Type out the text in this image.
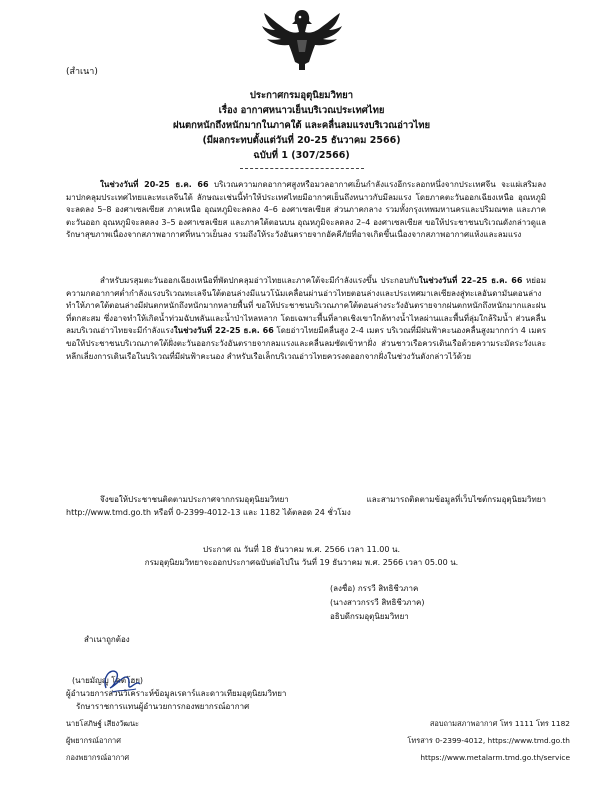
(สำเนา)
ประกาศกรมอุตุนิยมวิทยา
เรื่อง อากาศหนาวเย็นบริเวณประเทศไทย
ฝนตกหนักถึงหนักมากในภาคใต้ และคลื่นลมแรงบริเวณอ่าวไทย
(มีผลกระทบตั้งแต่วันที่ 20-25 ธันวาคม 2566)
ฉบับที่ 1 (307/2566)
ในช่วงวันที่ 20-25 ธ.ค. 66 บริเวณความกดอากาศสูงหรือมวลอากาศเย็นกำลังแรงอีกระลอกหนึ่งจากประเทศจีน จะแผ่เสริมลงมาปกคลุมประเทศไทยและทะเลจีนใต้ ลักษณะเช่นนี้ทำให้ประเทศไทยมีอากาศเย็นถึงหนาวกับมีลมแรง โดยภาคตะวันออกเฉียงเหนือ อุณหภูมิจะลดลง 5–8 องศาเซลเซียส ภาคเหนือ อุณหภูมิจะลดลง 4–6 องศาเซลเซียส ส่วนภาคกลาง รวมทั้งกรุงเทพมหานครและปริมณฑล และภาคตะวันออก อุณหภูมิจะลดลง 3–5 องศาเซลเซียส และภาคใต้ตอนบน อุณหภูมิจะลดลง 2–4 องศาเซลเซียส ขอให้ประชาชนบริเวณดังกล่าวดูแลรักษาสุขภาพเนื่องจากสภาพอากาศที่หนาวเย็นลง รวมถึงให้ระวังอันตรายจากอัคคีภัยที่อาจเกิดขึ้นเนื่องจากสภาพอากาศแห้งและลมแรง
สำหรับมรสุมตะวันออกเฉียงเหนือที่พัดปกคลุมอ่าวไทยและภาคใต้จะมีกำลังแรงขึ้น ประกอบกับในช่วงวันที่ 22–25 ธ.ค. 66 หย่อมความกดอากาศต่ำกำลังแรงบริเวณทะเลจีนใต้ตอนล่างมีแนวโน้มเคลื่อนผ่านอ่าวไทยตอนล่างและประเทศมาเลเซียลงสู่ทะเลอันดามันตอนล่าง ทำให้ภาคใต้ตอนล่างมีฝนตกหนักถึงหนักมากหลายพื้นที่ ขอให้ประชาชนบริเวณภาคใต้ตอนล่างระวังอันตรายจากฝนตกหนักถึงหนักมากและฝนที่ตกสะสม ซึ่งอาจทำให้เกิดน้ำท่วมฉับพลันและน้ำป่าไหลหลาก โดยเฉพาะพื้นที่ลาดเชิงเขาใกล้ทางน้ำไหลผ่านและพื้นที่ลุ่มใกล้ริมน้ำ ส่วนคลื่นลมบริเวณอ่าวไทยจะมีกำลังแรงในช่วงวันที่ 22-25 ธ.ค. 66 โดยอ่าวไทยมีคลื่นสูง 2-4 เมตร บริเวณที่มีฝนฟ้าคะนองคลื่นสูงมากกว่า 4 เมตร ขอให้ประชาชนบริเวณภาคใต้ฝั่งตะวันออกระวังอันตรายจากลมแรงและคลื่นลมซัดเข้าหาฝั่ง ส่วนชาวเรือควรเดินเรือด้วยความระมัดระวังและหลีกเลี่ยงการเดินเรือในบริเวณที่มีฝนฟ้าคะนอง สำหรับเรือเล็กบริเวณอ่าวไทยควรงดออกจากฝั่งในช่วงวันดังกล่าวไว้ด้วย
จึงขอให้ประชาชนติดตามประกาศจากกรมอุตุนิยมวิทยา และสามารถติดตามข้อมูลที่เว็บไซต์กรมอุตุนิยมวิทยา http://www.tmd.go.th หรือที่ 0-2399-4012-13 และ 1182 ได้ตลอด 24 ชั่วโมง
ประกาศ ณ วันที่ 18 ธันวาคม พ.ศ. 2566 เวลา 11.00 น.
กรมอุตุนิยมวิทยาจะออกประกาศฉบับต่อไปใน วันที่ 19 ธันวาคม พ.ศ. 2566 เวลา 05.00 น.
(ลงชื่อ) กรรวี สิทธิชีวภาค
(นางสาวกรรวี สิทธิชีวภาค)
อธิบดีกรมอุตุนิยมวิทยา
สำเนาถูกต้อง
(นายมัญญู โคตโฮย)
ผู้อำนวยการส่วนวิเคราะห์ข้อมูลเรดาร์และดาวเทียมอุตุนิยมวิทยา
รักษาราชการแทนผู้อำนวยการกองพยากรณ์อากาศ
นายโสภิษฐ์ เสียงวัฒนะ
ผู้พยากรณ์อากาศ
กองพยากรณ์อากาศ
สอบถามสภาพอากาศ โทร 1111 โทร 1182
โทรสาร 0-2399-4012, https://www.tmd.go.th
https://www.metalarm.tmd.go.th/service
